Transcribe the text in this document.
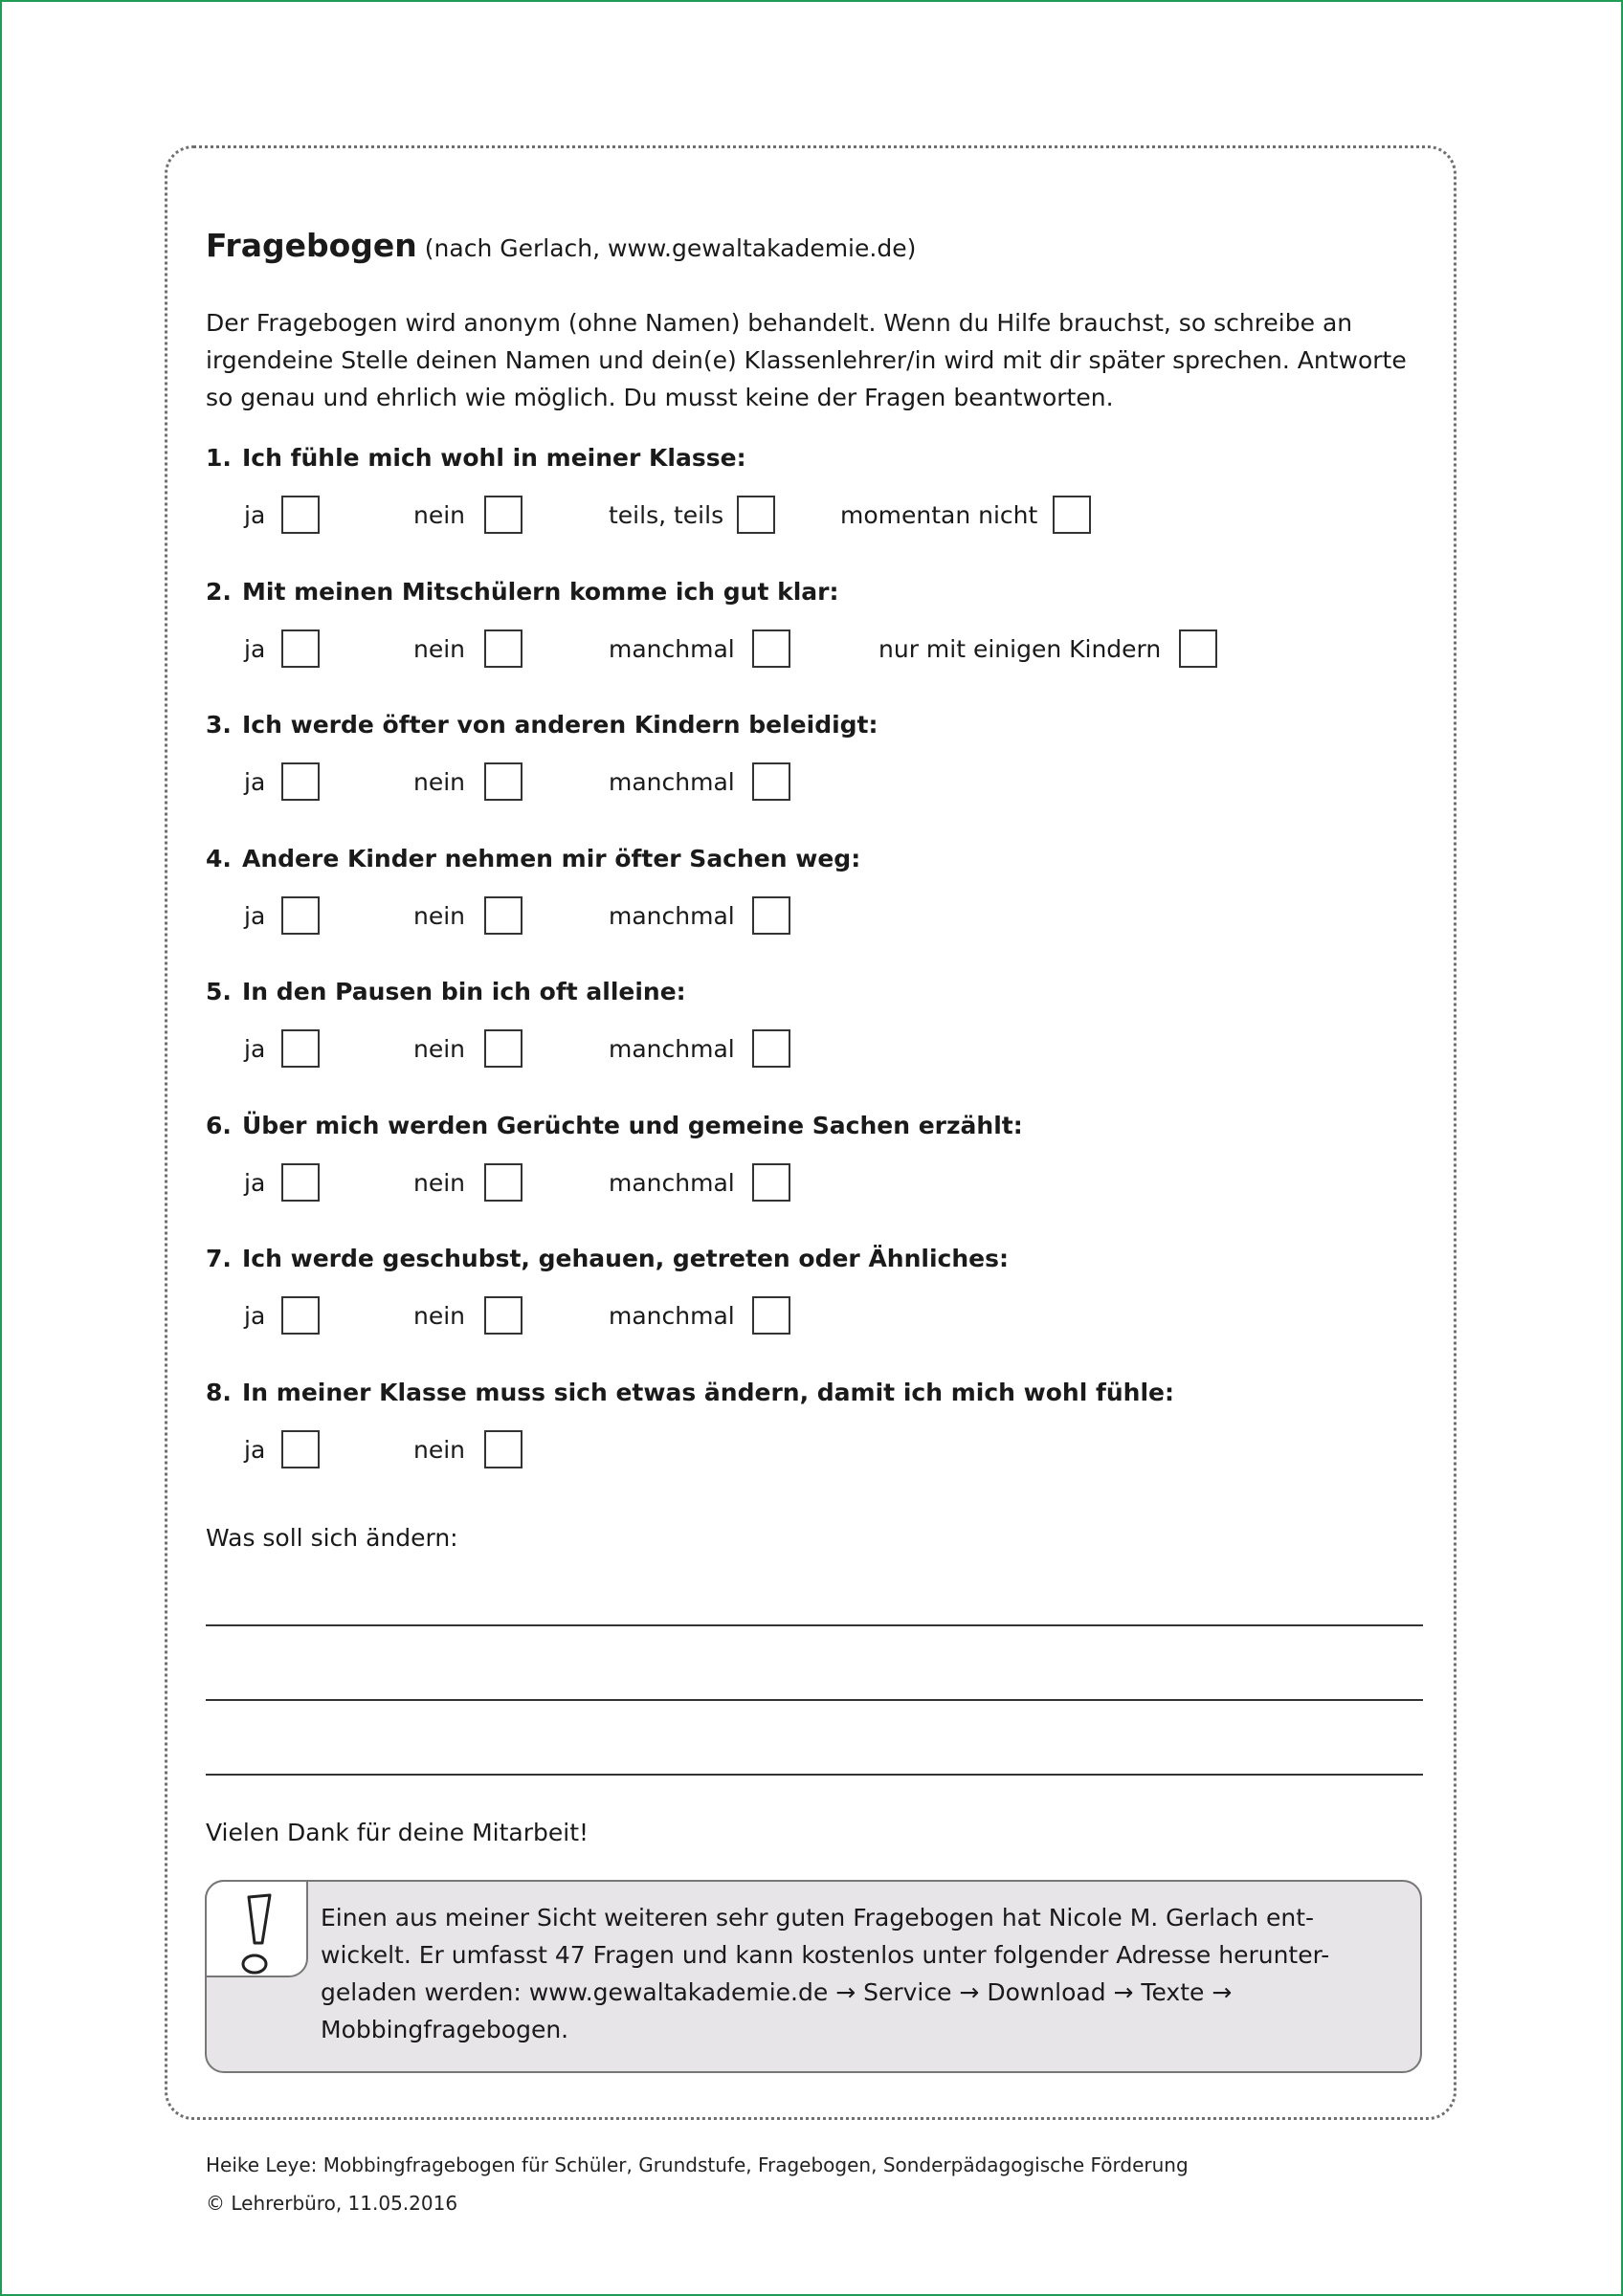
Fragebogen (nach Gerlach, www.gewaltakademie.de)
Der Fragebogen wird anonym (ohne Namen) behandelt. Wenn du Hilfe brauchst, so schreibe an
irgendeine Stelle deinen Namen und dein(e) Klassenlehrer/in wird mit dir später sprechen. Antworte
so genau und ehrlich wie möglich. Du musst keine der Fragen beantworten.
1. Ich fühle mich wohl in meiner Klasse:
ja	nein	teils, teils	momentan nicht
2. Mit meinen Mitschülern komme ich gut klar:
ja	nein	manchmal	nur mit einigen Kindern
3. Ich werde öfter von anderen Kindern beleidigt:
ja	nein	manchmal
4. Andere Kinder nehmen mir öfter Sachen weg:
ja	nein	manchmal
5. In den Pausen bin ich oft alleine:
ja	nein	manchmal
6. Über mich werden Gerüchte und gemeine Sachen erzählt:
ja	nein	manchmal
7. Ich werde geschubst, gehauen, getreten oder Ähnliches:
ja	nein	manchmal
8. In meiner Klasse muss sich etwas ändern, damit ich mich wohl fühle:
ja	nein
Was soll sich ändern:
Vielen Dank für deine Mitarbeit!
Einen aus meiner Sicht weiteren sehr guten Fragebogen hat Nicole M. Gerlach ent-
wickelt. Er umfasst 47 Fragen und kann kostenlos unter folgender Adresse herunter-
geladen werden: www.gewaltakademie.de → Service → Download → Texte →
Mobbingfragebogen.
Heike Leye: Mobbingfragebogen für Schüler, Grundstufe, Fragebogen, Sonderpädagogische Förderung
© Lehrerbüro, 11.05.2016
